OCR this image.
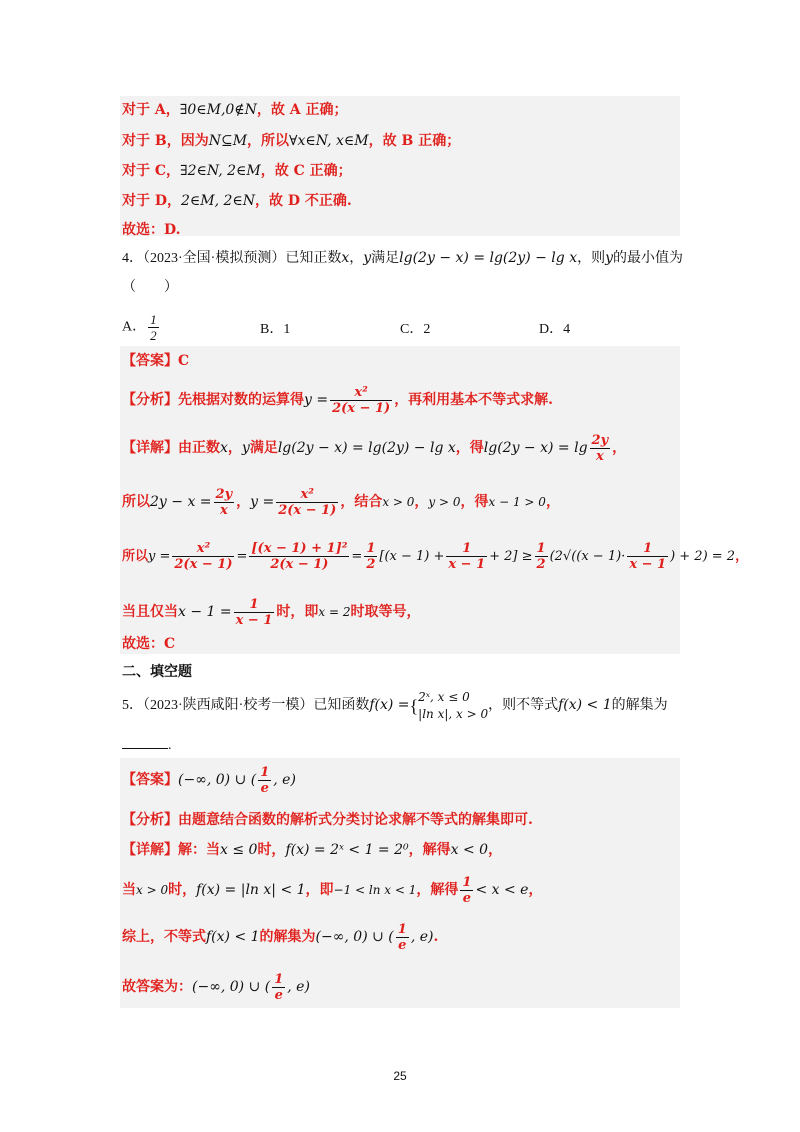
对于 A，∃0∈M,0∉N，故 A 正确；
对于 B，因为N⊆M，所以∀x∈N, x∈M，故 B 正确；
对于 C，∃2∈N, 2∈M，故 C 正确；
对于 D，2∈M, 2∈N，故 D 不正确.
故选：D.
4．（2023·全国·模拟预测）已知正数x，y满足lg(2y − x) = lg(2y) − lg x，则y的最小值为
（　　）
A． $\frac{1}{2}$	B．1	C．2	D．4
【答案】C
【分析】先根据对数的运算得$y = \frac{\text{x²}}{2(x - 1)}$ ，再利用基本不等式求解.
【详解】由正数x，y满足lg(2y − x) = lg(2y) − lg x，得$\lg(2y - x) = \lg \frac{2y}{x}$ ，
所以$2y - x = \frac{2y}{x}$ ，$y = \frac{\text{x²}}{2(x - 1)}$ ，结合x > 0，y > 0，得x − 1 > 0，
所以$y = \frac{\text{x²}}{2(x - 1)} = \frac{\text{[(x − 1) + 1]²}}{2(x - 1)} = \frac{1}{2} [(x - 1) + \frac{1}{x - 1} + 2] \ge \frac{1}{2} (2√((x - 1)\cdot \frac{1}{x - 1}$ ) + 2) = 2，
当且仅当$x - 1 = \frac{1}{x - 1}$ 时，即x = 2时取等号，
故选：C
二、填空题
5．（2023·陕西咸阳·校考一模）已知函数f(x) ={ 2ˣ, x ≤ 0
|ln x|, x > 0
，则不等式f(x) < 1的解集为
.
【答案】(−∞, 0) ∪ ( $\frac{1}{e}$ , e)
【分析】由题意结合函数的解析式分类讨论求解不等式的解集即可.
【详解】解：当x ≤ 0时，f(x) = 2ˣ < 1 = 2⁰，解得x < 0，
当x > 0时，f(x) = |ln x| < 1，即−1 < ln x < 1，解得 $\frac{1}{e} < x < e$，
综上，不等式f(x) < 1的解集为(−∞, 0) ∪ ( $\frac{1}{e}$ , e).
故答案为：(−∞, 0) ∪ ( $\frac{1}{e}$ , e)
25
